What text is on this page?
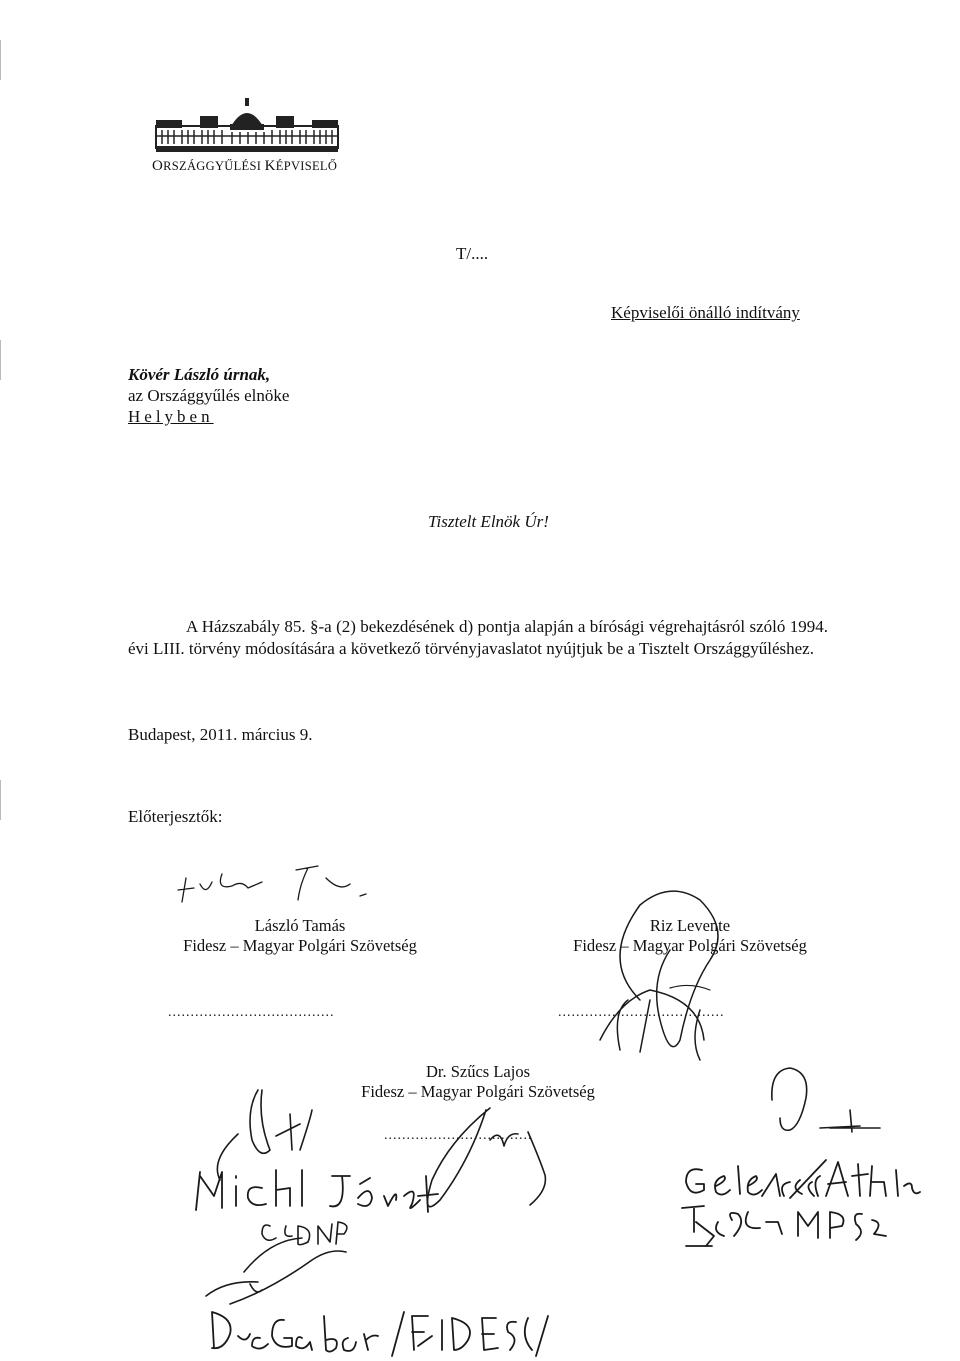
ORSZÁGGYŰLÉSI KÉPVISELŐ
T/....
Képviselői önálló indítvány
Kövér László úrnak,
az Országgyűlés elnöke
Helyben
Tisztelt Elnök Úr!
A Házszabály 85. §-a (2) bekezdésének d) pontja alapján a bírósági végrehajtásról szóló 1994. évi LIII. törvény módosítására a következő törvényjavaslatot nyújtjuk be a Tisztelt Országgyűléshez.
Budapest, 2011. március 9.
Előterjesztők:
László Tamás
Fidesz – Magyar Polgári Szövetség
Riz Levente
Fidesz – Magyar Polgári Szövetség
Dr. Szűcs Lajos
Fidesz – Magyar Polgári Szövetség
.....................................	.....................................
.................................
